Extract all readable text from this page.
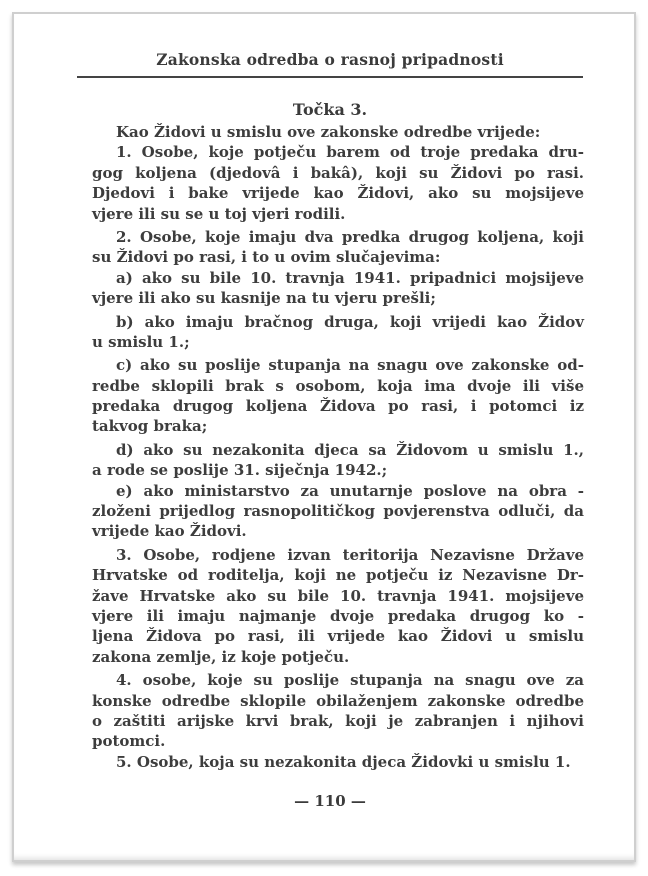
Zakonska odredba o rasnoj pripadnosti
Točka 3.
Kao Židovi u smislu ove zakonske odredbe vrijede:
1. Osobe, koje potječu barem od troje predaka dru-
gog koljena (djedovâ i bakâ), koji su Židovi po rasi.
Djedovi i bake vrijede kao Židovi, ako su mojsijeve
vjere ili su se u toj vjeri rodili.
2. Osobe, koje imaju dva predka drugog koljena, koji
su Židovi po rasi, i to u ovim slučajevima:
a) ako su bile 10. travnja 1941. pripadnici mojsijeve
vjere ili ako su kasnije na tu vjeru prešli;
b) ako imaju bračnog druga, koji vrijedi kao Židov
u smislu 1.;
c) ako su poslije stupanja na snagu ove zakonske od-
redbe sklopili brak s osobom, koja ima dvoje ili više
predaka drugog koljena Židova po rasi, i potomci iz
takvog braka;
d) ako su nezakonita djeca sa Židovom u smislu 1.,
a rode se poslije 31. siječnja 1942.;
e) ako ministarstvo za unutarnje poslove na obra -
zloženi prijedlog rasnopolitičkog povjerenstva odluči, da
vrijede kao Židovi.
3. Osobe, rodjene izvan teritorija Nezavisne Države
Hrvatske od roditelja, koji ne potječu iz Nezavisne Dr-
žave Hrvatske ako su bile 10. travnja 1941. mojsijeve
vjere ili imaju najmanje dvoje predaka drugog ko -
ljena Židova po rasi, ili vrijede kao Židovi u smislu
zakona zemlje, iz koje potječu.
4. osobe, koje su poslije stupanja na snagu ove za
konske odredbe sklopile obilaženjem zakonske odredbe
o zaštiti arijske krvi brak, koji je zabranjen i njihovi
potomci.
5. Osobe, koja su nezakonita djeca Židovki u smislu 1.
— 110 —
